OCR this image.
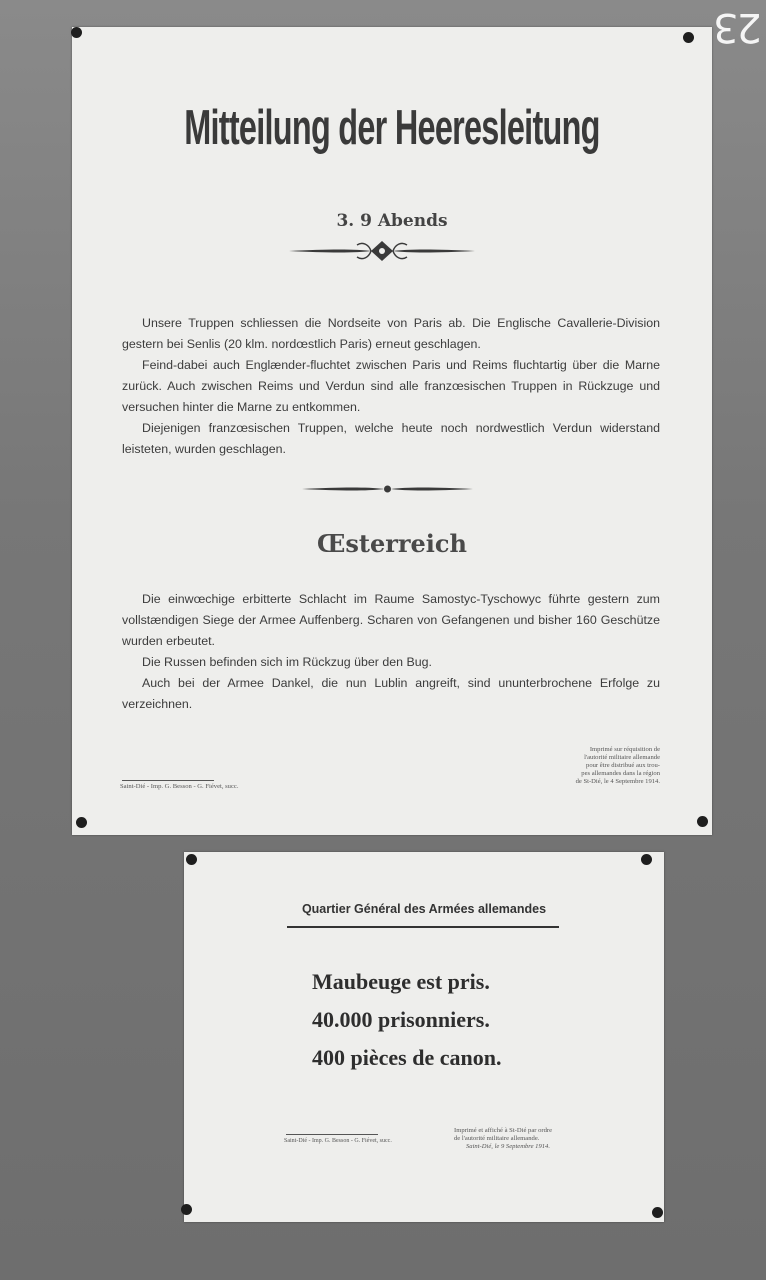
23
Mitteilung der Heeresleitung
3. 9 Abends

Unsere Truppen schliessen die Nordseite von Paris ab. Die Englische Cavallerie-Division gestern bei Senlis (20 klm. nordœstlich Paris) erneut geschlagen.

Feind-dabei auch Englænder-fluchtet zwischen Paris und Reims fluchtartig über die Marne zurück. Auch zwischen Reims und Verdun sind alle franzœsischen Truppen in Rückzuge und versuchen hinter die Marne zu entkommen.

Diejenigen franzœsischen Truppen, welche heute noch nordwestlich Verdun widerstand leisteten, wurden geschlagen.

Œsterreich

Die einwœchige erbitterte Schlacht im Raume Samostyc-Tyschowyc führte gestern zum vollstændigen Siege der Armee Auffenberg. Scharen von Gefangenen und bisher 160 Geschütze wurden erbeutet.

Die Russen befinden sich im Rückzug über den Bug.

Auch bei der Armee Dankel, die nun Lublin angreift, sind ununterbrochene Erfolge zu verzeichnen.

Saint-Dié - Imp. G. Besson - G. Fiévet, succ.
Imprimé sur réquisition de
l'autorité militaire allemande
pour être distribué aux trou-
pes allemandes dans la région
de St-Dié, le 4 Septembre 1914.
Quartier Général des Armées allemandes
Maubeuge est pris.
40.000 prisonniers.
400 pièces de canon.
Saint-Dié - Imp. G. Besson - G. Fiévet, succ.
Imprimé et affiché à St-Dié par ordre
de l'autorité militaire allemande.
Saint-Dié, le 9 Septembre 1914.
